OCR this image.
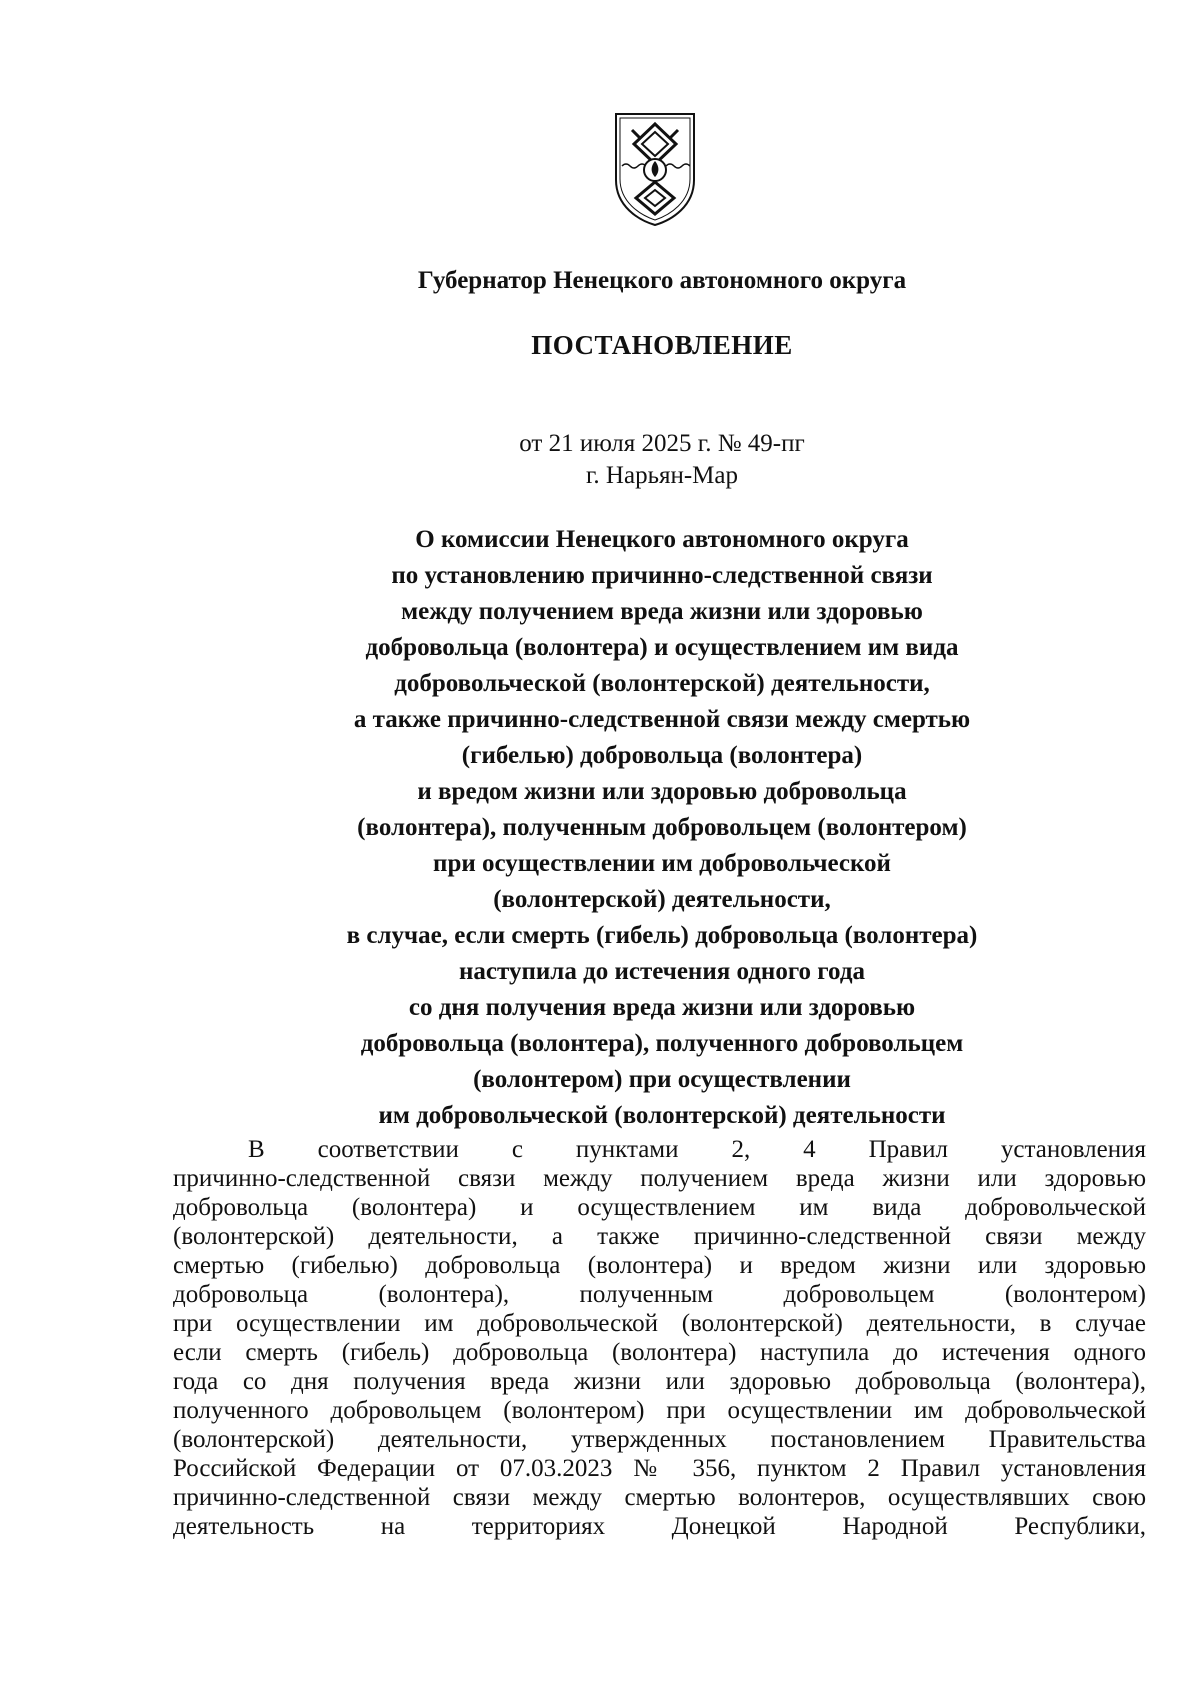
Губернатор Ненецкого автономного округа
ПОСТАНОВЛЕНИЕ
от 21 июля 2025 г. № 49-пг
г. Нарьян-Мар
О комиссии Ненецкого автономного округа
по установлению причинно-следственной связи
между получением вреда жизни или здоровью
добровольца (волонтера) и осуществлением им вида
добровольческой (волонтерской) деятельности,
а также причинно-следственной связи между смертью
(гибелью) добровольца (волонтера)
и вредом жизни или здоровью добровольца
(волонтера), полученным добровольцем (волонтером)
при осуществлении им добровольческой
(волонтерской) деятельности,
в случае, если смерть (гибель) добровольца (волонтера)
наступила до истечения одного года
со дня получения вреда жизни или здоровью
добровольца (волонтера), полученного добровольцем
(волонтером) при осуществлении
им добровольческой (волонтерской) деятельности
В соответствии с пунктами 2, 4 Правил установления
причинно-следственной связи между получением вреда жизни или здоровью
добровольца (волонтера) и осуществлением им вида добровольческой
(волонтерской) деятельности, а также причинно-следственной связи между
смертью (гибелью) добровольца (волонтера) и вредом жизни или здоровью
добровольца (волонтера), полученным добровольцем (волонтером)
при осуществлении им добровольческой (волонтерской) деятельности, в случае
если смерть (гибель) добровольца (волонтера) наступила до истечения одного
года со дня получения вреда жизни или здоровью добровольца (волонтера),
полученного добровольцем (волонтером) при осуществлении им добровольческой
(волонтерской) деятельности, утвержденных постановлением Правительства
Российской Федерации от 07.03.2023 № 356, пунктом 2 Правил установления
причинно-следственной связи между смертью волонтеров, осуществлявших свою
деятельность на территориях Донецкой Народной Республики,
